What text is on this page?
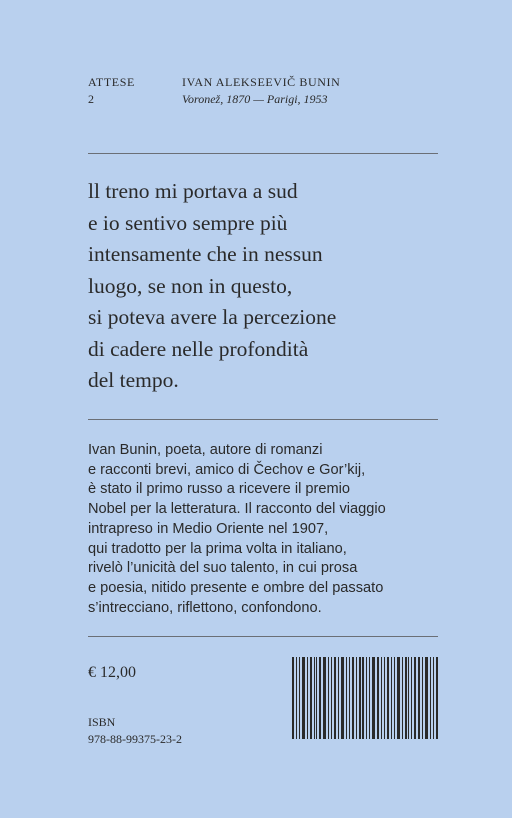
ATTESE
2
IVAN ALEKSEEVIČ BUNIN
Voronež, 1870 — Parigi, 1953
ll treno mi portava a sud
e io sentivo sempre più
intensamente che in nessun
luogo, se non in questo,
si poteva avere la percezione
di cadere nelle profondità
del tempo.
Ivan Bunin, poeta, autore di romanzi
e racconti brevi, amico di Čechov e Gor’kij,
è stato il primo russo a ricevere il premio
Nobel per la letteratura. Il racconto del viaggio
intrapreso in Medio Oriente nel 1907,
qui tradotto per la prima volta in italiano,
rivelò l’unicità del suo talento, in cui prosa
e poesia, nitido presente e ombre del passato
s’intrecciano, riflettono, confondono.
€ 12,00
ISBN
978-88-99375-23-2
